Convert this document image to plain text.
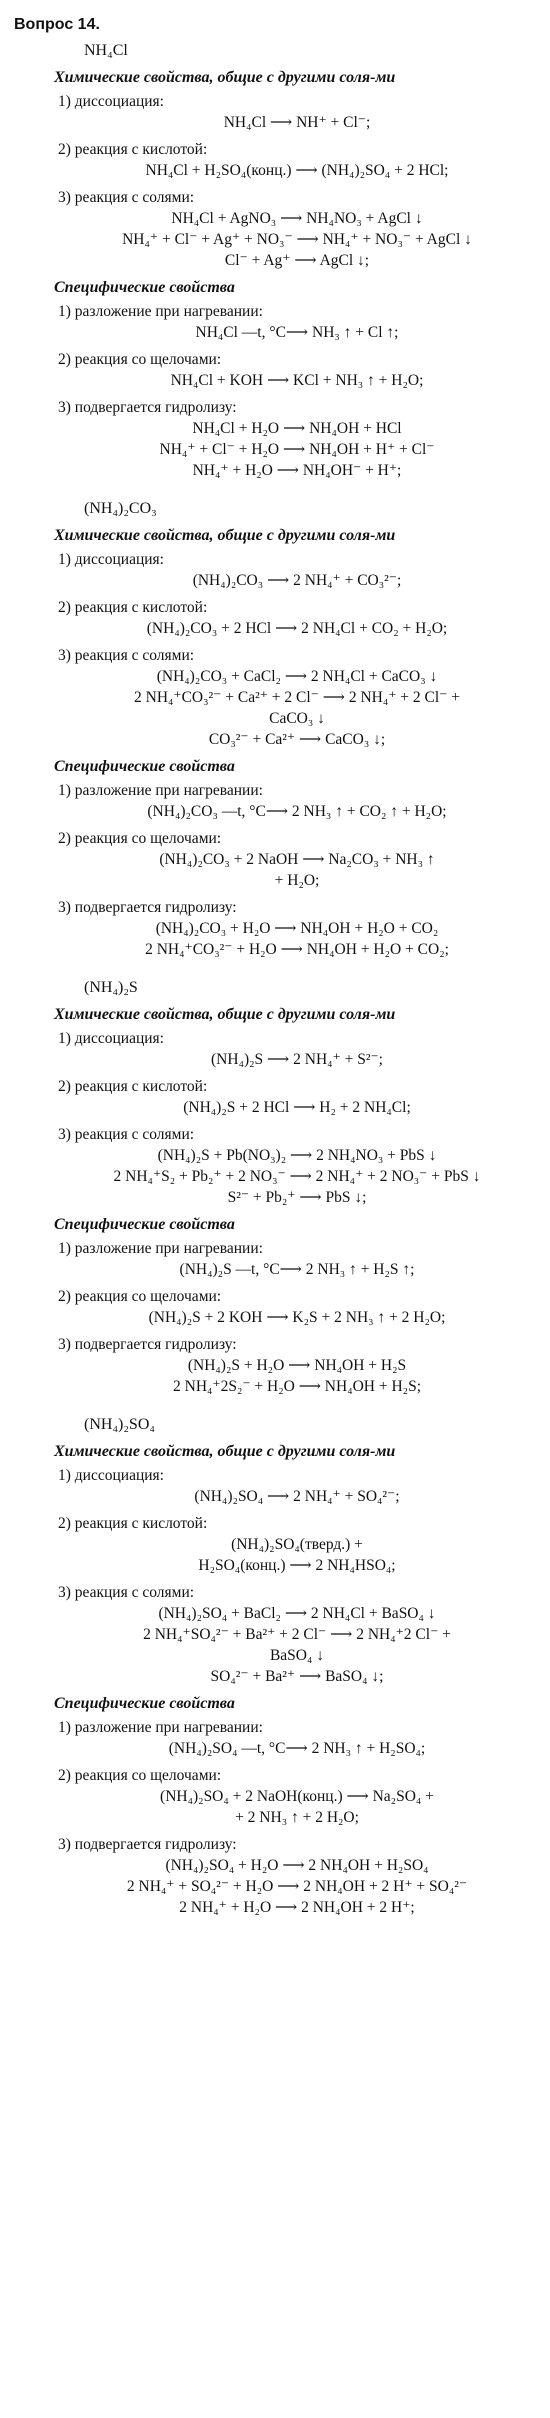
Вопрос 14.
NH₄Cl
Химические свойства, общие с другими соля-ми
1) диссоциация:
NH₄Cl ⟶ NH⁺ + Cl⁻;
2) реакция с кислотой:
NH₄Cl + H₂SO₄(конц.) ⟶ (NH₄)₂SO₄ + 2 HCl;
3) реакция с солями:
NH₄Cl + AgNO₃ ⟶ NH₄NO₃ + AgCl ↓
NH₄⁺ + Cl⁻ + Ag⁺ + NO₃⁻ ⟶ NH₄⁺ + NO₃⁻ + AgCl ↓
Cl⁻ + Ag⁺ ⟶ AgCl ↓;
Специфические свойства
1) разложение при нагревании:
NH₄Cl —t, °C⟶ NH₃ ↑ + Cl ↑;
2) реакция со щелочами:
NH₄Cl + KOH ⟶ KCl + NH₃ ↑ + H₂O;
3) подвергается гидролизу:
NH₄Cl + H₂O ⟶ NH₄OH + HCl
NH₄⁺ + Cl⁻ + H₂O ⟶ NH₄OH + H⁺ + Cl⁻
NH₄⁺ + H₂O ⟶ NH₄OH⁻ + H⁺;
(NH₄)₂CO₃
Химические свойства, общие с другими соля-ми
1) диссоциация:
(NH₄)₂CO₃ ⟶ 2 NH₄⁺ + CO₃²⁻;
2) реакция с кислотой:
(NH₄)₂CO₃ + 2 HCl ⟶ 2 NH₄Cl + CO₂ + H₂O;
3) реакция с солями:
(NH₄)₂CO₃ + CaCl₂ ⟶ 2 NH₄Cl + CaCO₃ ↓
2 NH₄⁺CO₃²⁻ + Ca²⁺ + 2 Cl⁻ ⟶ 2 NH₄⁺ + 2 Cl⁻ +
CaCO₃ ↓
CO₃²⁻ + Ca²⁺ ⟶ CaCO₃ ↓;
Специфические свойства
1) разложение при нагревании:
(NH₄)₂CO₃ —t, °C⟶ 2 NH₃ ↑ + CO₂ ↑ + H₂O;
2) реакция со щелочами:
(NH₄)₂CO₃ + 2 NaOH ⟶ Na₂CO₃ + NH₃ ↑
+ H₂O;
3) подвергается гидролизу:
(NH₄)₂CO₃ + H₂O ⟶ NH₄OH + H₂O + CO₂
2 NH₄⁺CO₃²⁻ + H₂O ⟶ NH₄OH + H₂O + CO₂;
(NH₄)₂S
Химические свойства, общие с другими соля-ми
1) диссоциация:
(NH₄)₂S ⟶ 2 NH₄⁺ + S²⁻;
2) реакция с кислотой:
(NH₄)₂S + 2 HCl ⟶ H₂ + 2 NH₄Cl;
3) реакция с солями:
(NH₄)₂S + Pb(NO₃)₂ ⟶ 2 NH₄NO₃ + PbS ↓
2 NH₄⁺S₂ + Pb₂⁺ + 2 NO₃⁻ ⟶ 2 NH₄⁺ + 2 NO₃⁻ + PbS ↓
S²⁻ + Pb₂⁺ ⟶ PbS ↓;
Специфические свойства
1) разложение при нагревании:
(NH₄)₂S —t, °C⟶ 2 NH₃ ↑ + H₂S ↑;
2) реакция со щелочами:
(NH₄)₂S + 2 KOH ⟶ K₂S + 2 NH₃ ↑ + 2 H₂O;
3) подвергается гидролизу:
(NH₄)₂S + H₂O ⟶ NH₄OH + H₂S
2 NH₄⁺2S₂⁻ + H₂O ⟶ NH₄OH + H₂S;
(NH₄)₂SO₄
Химические свойства, общие с другими соля-ми
1) диссоциация:
(NH₄)₂SO₄ ⟶ 2 NH₄⁺ + SO₄²⁻;
2) реакция с кислотой:
(NH₄)₂SO₄(тверд.) +
H₂SO₄(конц.) ⟶ 2 NH₄HSO₄;
3) реакция с солями:
(NH₄)₂SO₄ + BaCl₂ ⟶ 2 NH₄Cl + BaSO₄ ↓
2 NH₄⁺SO₄²⁻ + Ba²⁺ + 2 Cl⁻ ⟶ 2 NH₄⁺2 Cl⁻ +
BaSO₄ ↓
SO₄²⁻ + Ba²⁺ ⟶ BaSO₄ ↓;
Специфические свойства
1) разложение при нагревании:
(NH₄)₂SO₄ —t, °C⟶ 2 NH₃ ↑ + H₂SO₄;
2) реакция со щелочами:
(NH₄)₂SO₄ + 2 NaOH(конц.) ⟶ Na₂SO₄ +
+ 2 NH₃ ↑ + 2 H₂O;
3) подвергается гидролизу:
(NH₄)₂SO₄ + H₂O ⟶ 2 NH₄OH + H₂SO₄
2 NH₄⁺ + SO₄²⁻ + H₂O ⟶ 2 NH₄OH + 2 H⁺ + SO₄²⁻
2 NH₄⁺ + H₂O ⟶ 2 NH₄OH + 2 H⁺;
